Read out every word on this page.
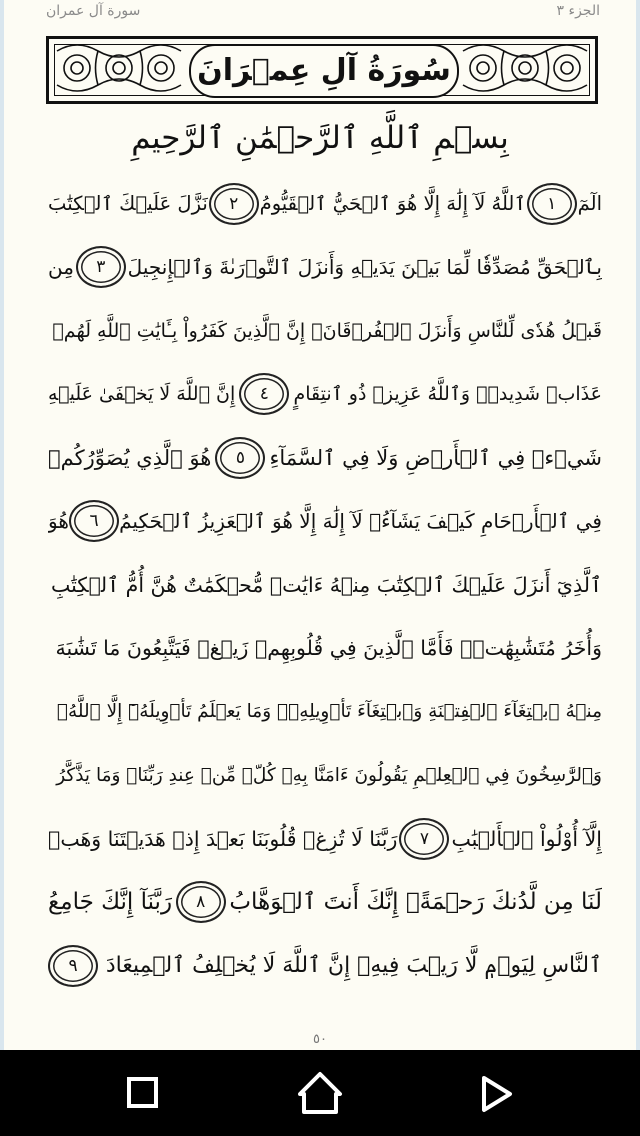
الجزء ٣
سورة آل عمران
سُورَةُ آلِ عِمۡرَانَ
بِسۡمِ ٱللَّهِ ٱلرَّحۡمَٰنِ ٱلرَّحِيمِ
الٓمٓ
١
ٱللَّهُ لَآ إِلَٰهَ إِلَّا هُوَ ٱلۡحَيُّ ٱلۡقَيُّومُ
٢
نَزَّلَ عَلَيۡكَ ٱلۡكِتَٰبَ
بِٱلۡحَقِّ مُصَدِّقٗا لِّمَا بَيۡنَ يَدَيۡهِ وَأَنزَلَ ٱلتَّوۡرَىٰةَ وَٱلۡإِنجِيلَ
٣
مِن
قَبۡلُ هُدٗى لِّلنَّاسِ وَأَنزَلَ ٱلۡفُرۡقَانَۗ إِنَّ ٱلَّذِينَ كَفَرُواْ بِـَٔايَٰتِ ٱللَّهِ لَهُمۡ
عَذَابٞ شَدِيدٞۗ وَٱللَّهُ عَزِيزٞ ذُو ٱنتِقَامٍ
٤
إِنَّ ٱللَّهَ لَا يَخۡفَىٰ عَلَيۡهِ
شَيۡءٞ فِي ٱلۡأَرۡضِ وَلَا فِي ٱلسَّمَآءِ
٥
هُوَ ٱلَّذِي يُصَوِّرُكُمۡ
فِي ٱلۡأَرۡحَامِ كَيۡفَ يَشَآءُۚ لَآ إِلَٰهَ إِلَّا هُوَ ٱلۡعَزِيزُ ٱلۡحَكِيمُ
٦
هُوَ
ٱلَّذِيٓ أَنزَلَ عَلَيۡكَ ٱلۡكِتَٰبَ مِنۡهُ ءَايَٰتٞ مُّحۡكَمَٰتٌ هُنَّ أُمُّ ٱلۡكِتَٰبِ
وَأُخَرُ مُتَشَٰبِهَٰتٞۖ فَأَمَّا ٱلَّذِينَ فِي قُلُوبِهِمۡ زَيۡغٞ فَيَتَّبِعُونَ مَا تَشَٰبَهَ
مِنۡهُ ٱبۡتِغَآءَ ٱلۡفِتۡنَةِ وَٱبۡتِغَآءَ تَأۡوِيلِهِۦۖ وَمَا يَعۡلَمُ تَأۡوِيلَهُۥٓ إِلَّا ٱللَّهُۗ
وَٱلرَّٰسِخُونَ فِي ٱلۡعِلۡمِ يَقُولُونَ ءَامَنَّا بِهِۦ كُلّٞ مِّنۡ عِندِ رَبِّنَاۗ وَمَا يَذَّكَّرُ
إِلَّآ أُوْلُواْ ٱلۡأَلۡبَٰبِ
٧
رَبَّنَا لَا تُزِغۡ قُلُوبَنَا بَعۡدَ إِذۡ هَدَيۡتَنَا وَهَبۡ
لَنَا مِن لَّدُنكَ رَحۡمَةًۚ إِنَّكَ أَنتَ ٱلۡوَهَّابُ
٨
رَبَّنَآ إِنَّكَ جَامِعُ
ٱلنَّاسِ لِيَوۡمٖ لَّا رَيۡبَ فِيهِۚ إِنَّ ٱللَّهَ لَا يُخۡلِفُ ٱلۡمِيعَادَ
٩
٥٠
